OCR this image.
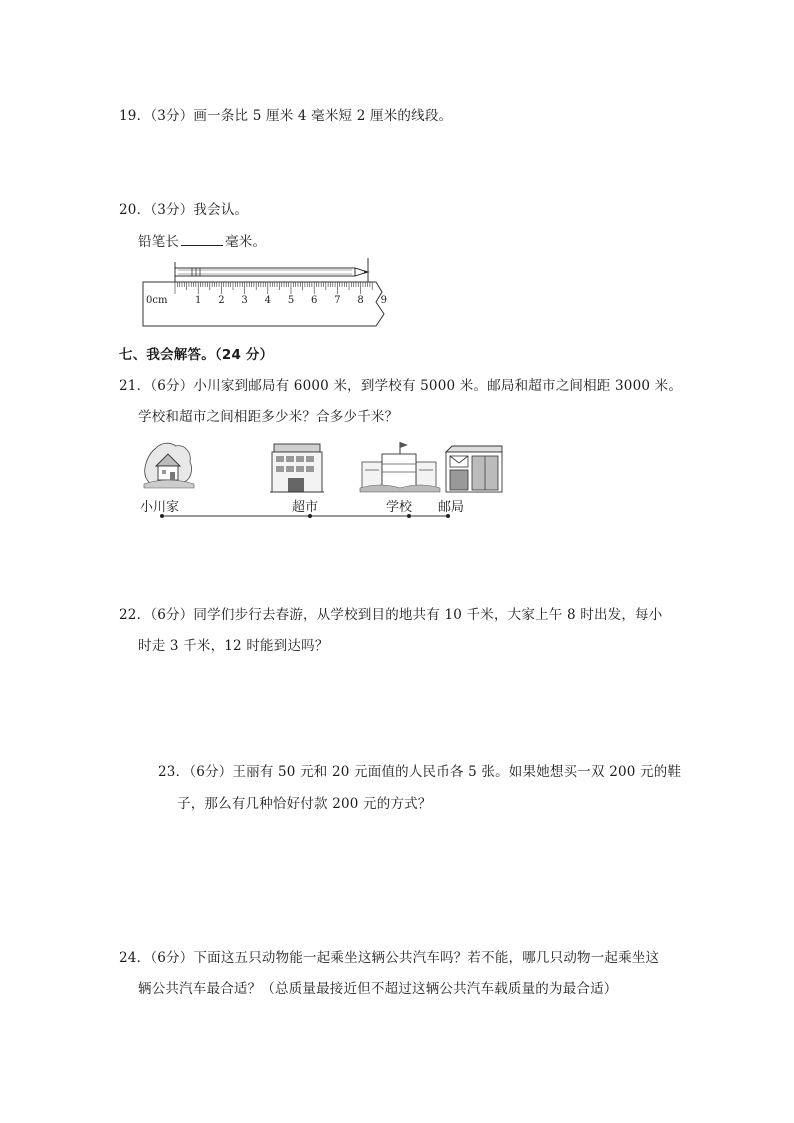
19．（3分）画一条比 5 厘米 4 毫米短 2 厘米的线段。
20．（3分）我会认。
铅笔长	毫米。
0cm	1 2 3 4 5 6 7 8 9
七、我会解答。（24 分）
21．（6分）小川家到邮局有 6000 米，到学校有 5000 米。邮局和超市之间相距 3000 米。
学校和超市之间相距多少米？合多少千米？
小川家	超市	学校 邮局
22．（6分）同学们步行去春游，从学校到目的地共有 10 千米，大家上午 8 时出发，每小
时走 3 千米，12 时能到达吗？
23．（6分）王丽有 50 元和 20 元面值的人民币各 5 张。如果她想买一双 200 元的鞋
子，那么有几种恰好付款 200 元的方式？
24．（6分）下面这五只动物能一起乘坐这辆公共汽车吗？若不能，哪几只动物一起乘坐这
辆公共汽车最合适？（总质量最接近但不超过这辆公共汽车载质量的为最合适）
